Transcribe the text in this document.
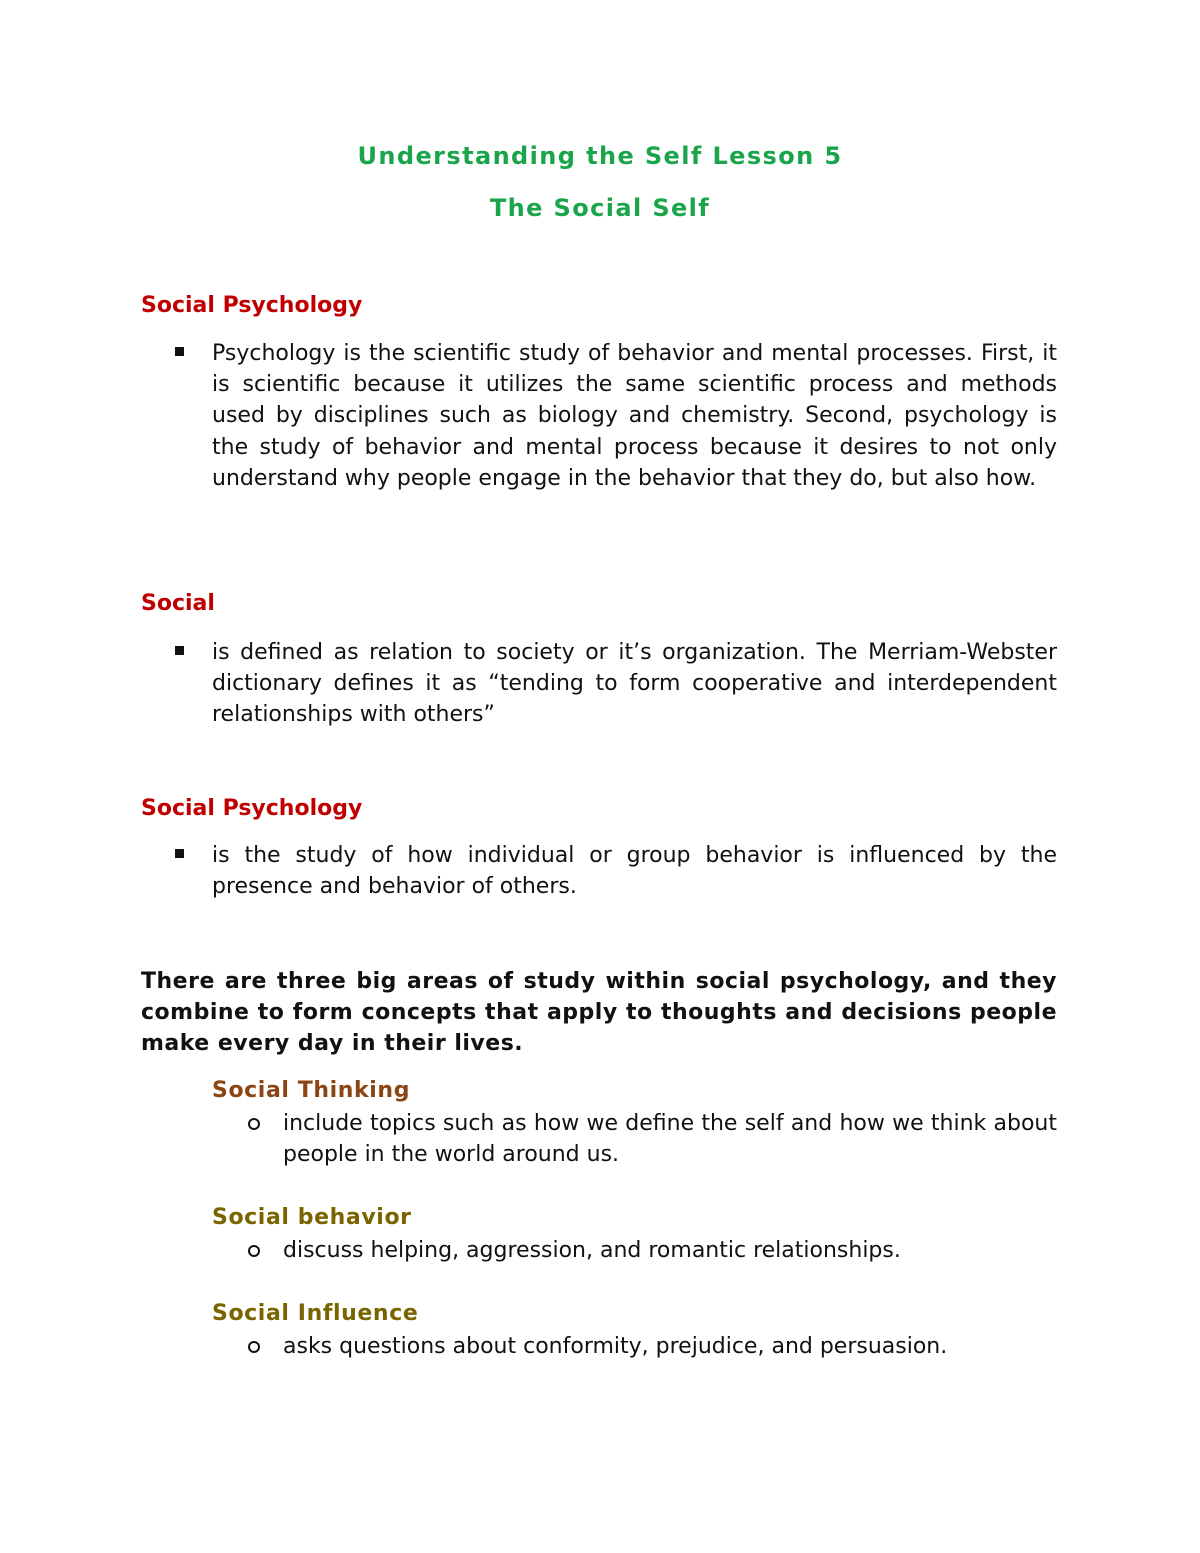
Understanding the Self Lesson 5
The Social Self
Social Psychology

Psychology is the scientific study of behavior and mental processes. First, it is scientific because it utilizes the same scientific process and methods used by disciplines such as biology and chemistry. Second, psychology is the study of behavior and mental process because it desires to not only understand why people engage in the behavior that they do, but also how.

Social

is defined as relation to society or it’s organization. The Merriam-Webster dictionary defines it as “tending to form cooperative and interdependent relationships with others”

Social Psychology

is the study of how individual or group behavior is influenced by the presence and behavior of others.

There are three big areas of study within social psychology, and they combine to form concepts that apply to thoughts and decisions people make every day in their lives.

Social Thinking

include topics such as how we define the self and how we think about people in the world around us.

Social behavior

discuss helping, aggression, and romantic relationships.

Social Influence

asks questions about conformity, prejudice, and persuasion.
